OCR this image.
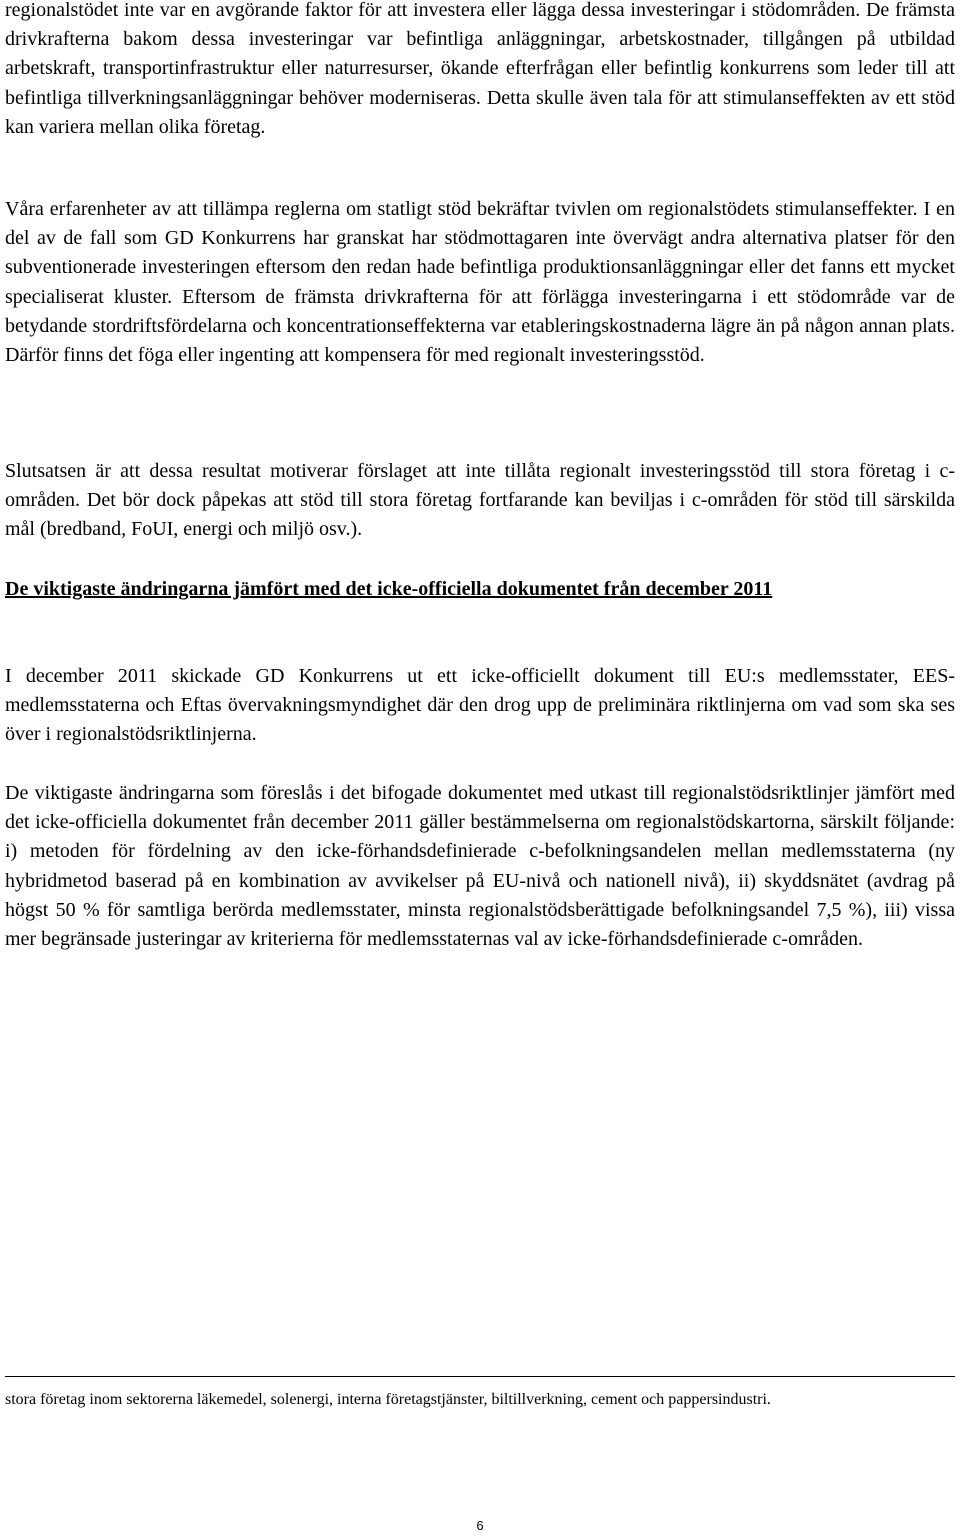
regionalstödet inte var en avgörande faktor för att investera eller lägga dessa investeringar i stödområden. De främsta drivkrafterna bakom dessa investeringar var befintliga anläggningar, arbetskostnader, tillgången på utbildad arbetskraft, transportinfrastruktur eller naturresurser, ökande efterfrågan eller befintlig konkurrens som leder till att befintliga tillverkningsanläggningar behöver moderniseras. Detta skulle även tala för att stimulanseffekten av ett stöd kan variera mellan olika företag.

Våra erfarenheter av att tillämpa reglerna om statligt stöd bekräftar tvivlen om regionalstödets stimulanseffekter. I en del av de fall som GD Konkurrens har granskat har stödmottagaren inte övervägt andra alternativa platser för den subventionerade investeringen eftersom den redan hade befintliga produktionsanläggningar eller det fanns ett mycket specialiserat kluster. Eftersom de främsta drivkrafterna för att förlägga investeringarna i ett stödområde var de betydande stordriftsfördelarna och koncentrationseffekterna var etableringskostnaderna lägre än på någon annan plats. Därför finns det föga eller ingenting att kompensera för med regionalt investeringsstöd.

Slutsatsen är att dessa resultat motiverar förslaget att inte tillåta regionalt investeringsstöd till stora företag i c-områden. Det bör dock påpekas att stöd till stora företag fortfarande kan beviljas i c-områden för stöd till särskilda mål (bredband, FoUI, energi och miljö osv.).

De viktigaste ändringarna jämfört med det icke-officiella dokumentet från december 2011

I december 2011 skickade GD Konkurrens ut ett icke-officiellt dokument till EU:s medlemsstater, EES-medlemsstaterna och Eftas övervakningsmyndighet där den drog upp de preliminära riktlinjerna om vad som ska ses över i regionalstödsriktlinjerna.

De viktigaste ändringarna som föreslås i det bifogade dokumentet med utkast till regionalstödsriktlinjer jämfört med det icke-officiella dokumentet från december 2011 gäller bestämmelserna om regionalstödskartorna, särskilt följande: i) metoden för fördelning av den icke-förhandsdefinierade c-befolkningsandelen mellan medlemsstaterna (ny hybridmetod baserad på en kombination av avvikelser på EU-nivå och nationell nivå), ii) skyddsnätet (avdrag på högst 50 % för samtliga berörda medlemsstater, minsta regionalstödsberättigade befolkningsandel 7,5 %), iii) vissa mer begränsade justeringar av kriterierna för medlemsstaternas val av icke-förhandsdefinierade c-områden.

stora företag inom sektorerna läkemedel, solenergi, interna företagstjänster, biltillverkning, cement och pappersindustri.

6
